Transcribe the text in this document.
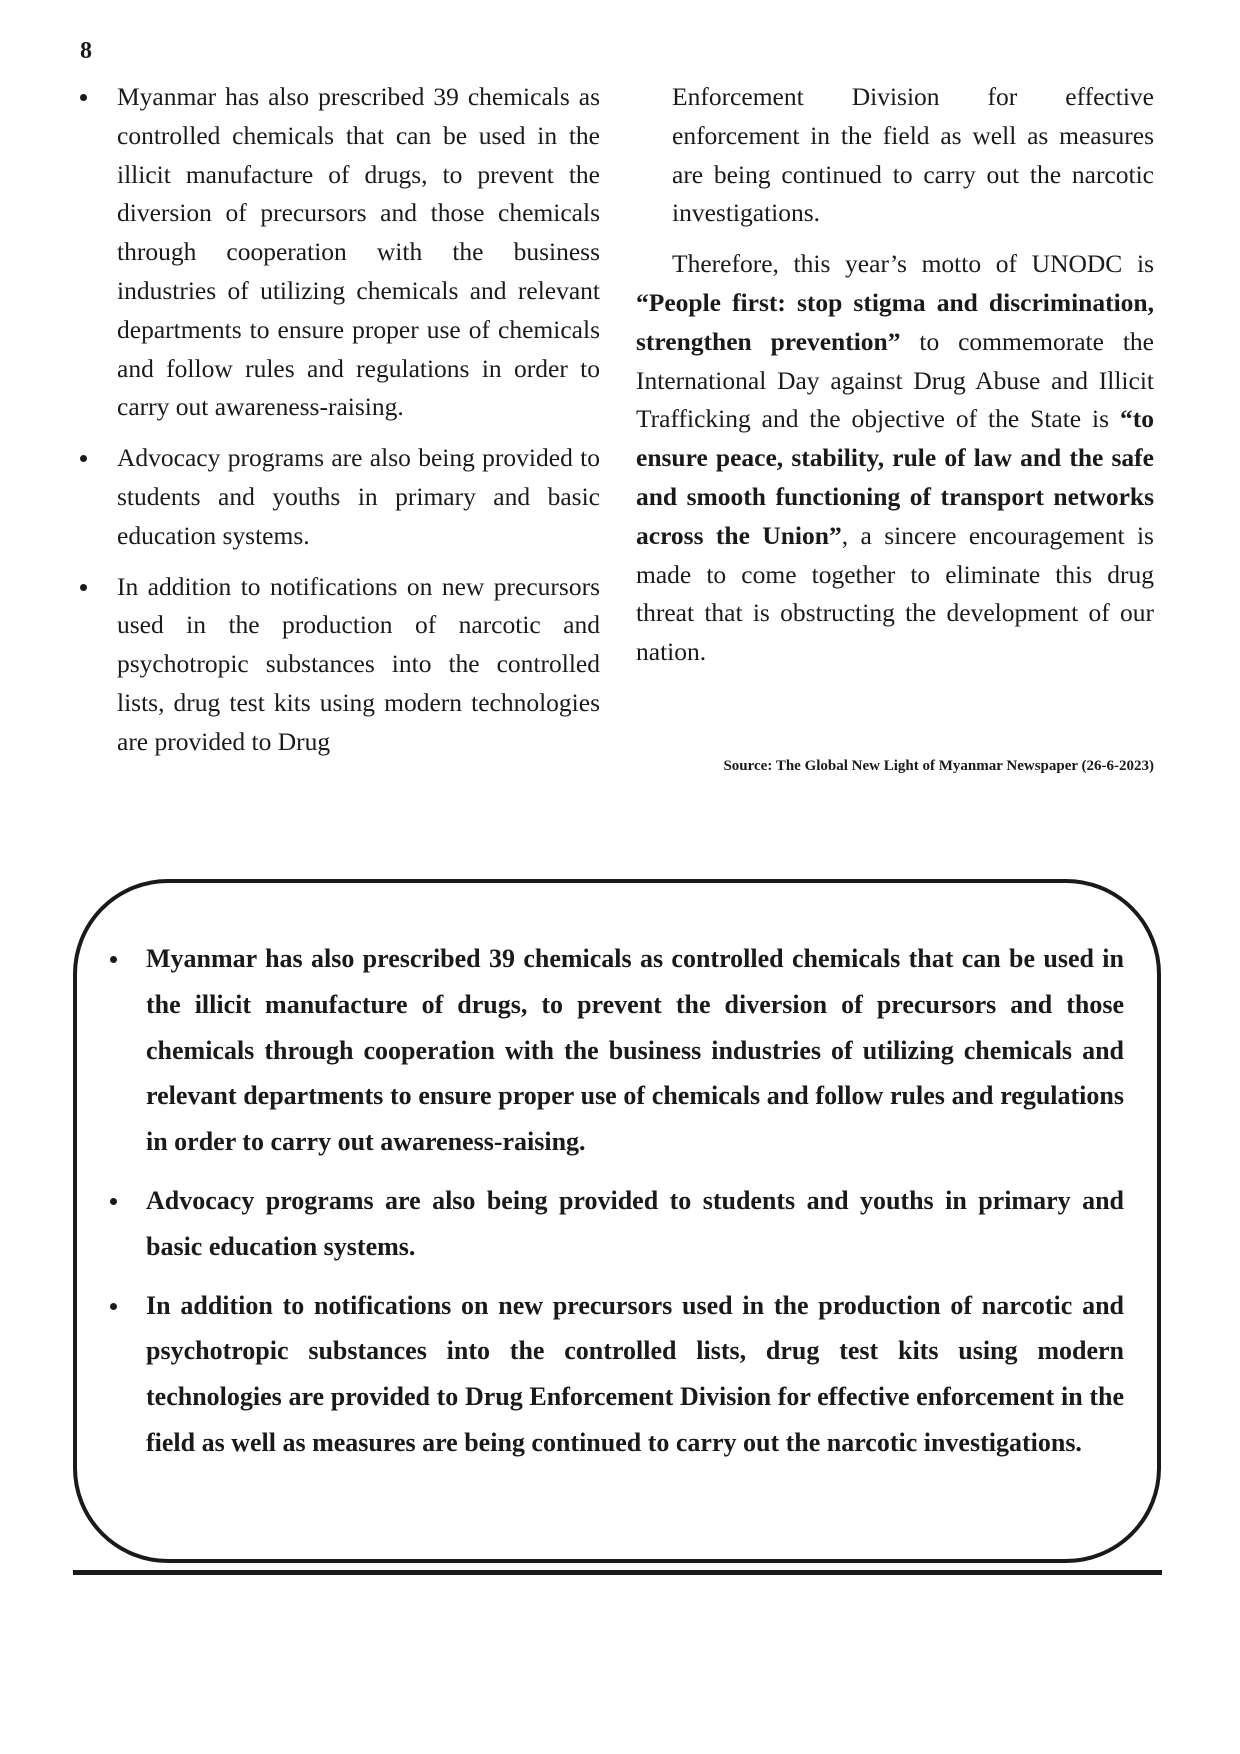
8
Myanmar has also prescribed 39 chemicals as controlled chemicals that can be used in the illicit manufacture of drugs, to prevent the diversion of precursors and those chemicals through cooperation with the business industries of utilizing chemicals and relevant departments to ensure proper use of chemicals and follow rules and regulations in order to carry out awareness-raising.
Advocacy programs are also being provided to students and youths in primary and basic education systems.
In addition to notifications on new precursors used in the production of narcotic and psychotropic substances into the controlled lists, drug test kits using modern technologies are provided to Drug

Enforcement Division for effective enforcement in the field as well as measures are being continued to carry out the narcotic investigations.

Therefore, this year’s motto of UNODC is “People first: stop stigma and discrimination, strengthen prevention” to commemorate the International Day against Drug Abuse and Illicit Trafficking and the objective of the State is “to ensure peace, stability, rule of law and the safe and smooth functioning of transport networks across the Union”, a sincere encouragement is made to come together to eliminate this drug threat that is obstructing the development of our nation.

Source: The Global New Light of Myanmar Newspaper (26-6-2023)
Myanmar has also prescribed 39 chemicals as controlled chemicals that can be used in the illicit manufacture of drugs, to prevent the diversion of precursors and those chemicals through cooperation with the business industries of utilizing chemicals and relevant departments to ensure proper use of chemicals and follow rules and regulations in order to carry out awareness-raising.
Advocacy programs are also being provided to students and youths in primary and basic education systems.
In addition to notifications on new precursors used in the production of narcotic and psychotropic substances into the controlled lists, drug test kits using modern technologies are provided to Drug Enforcement Division for effective enforcement in the field as well as measures are being continued to carry out the narcotic investigations.
